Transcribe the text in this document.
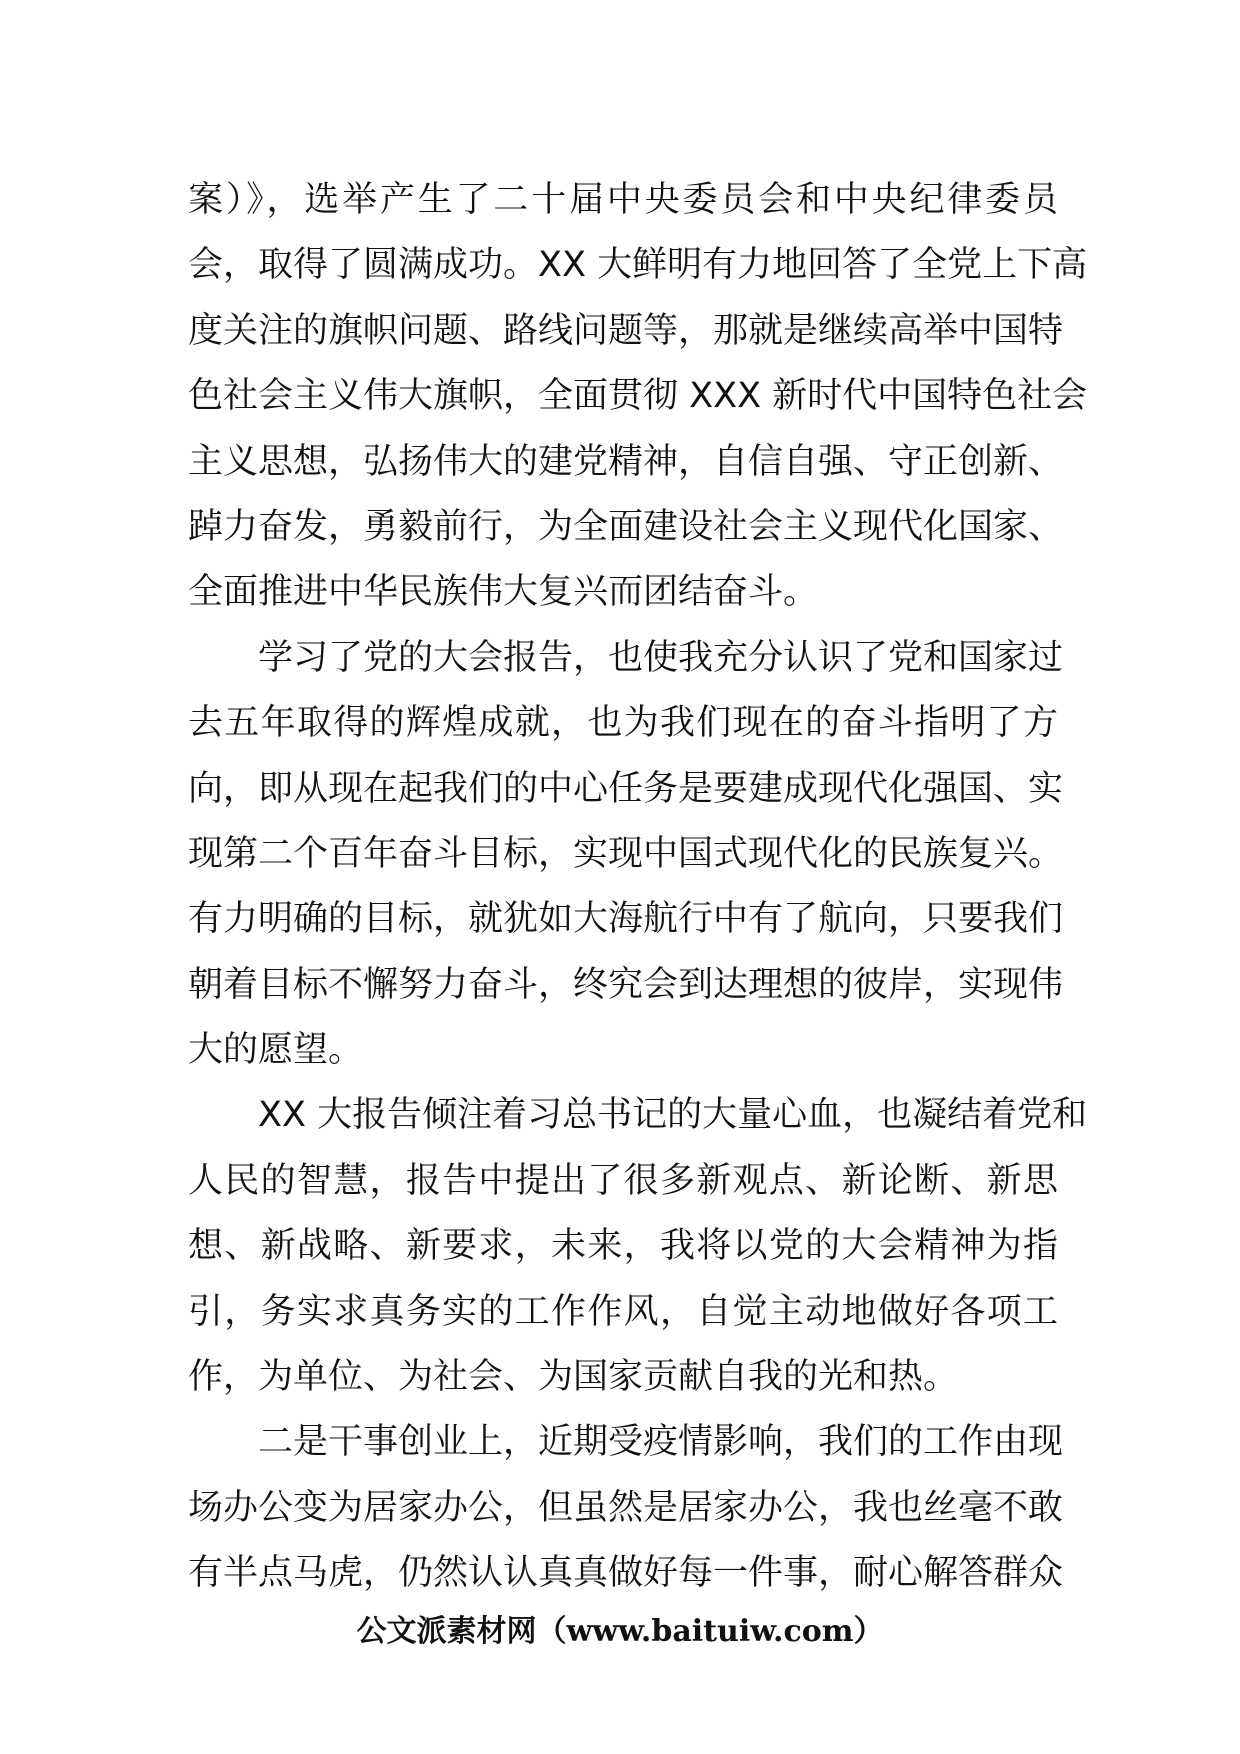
案）》，选举产生了二十届中央委员会和中央纪律委员
会，取得了圆满成功。XX 大鲜明有力地回答了全党上下高
度关注的旗帜问题、路线问题等，那就是继续高举中国特
色社会主义伟大旗帜，全面贯彻 XXX 新时代中国特色社会
主义思想，弘扬伟大的建党精神，自信自强、守正创新、
踔力奋发，勇毅前行，为全面建设社会主义现代化国家、
全面推进中华民族伟大复兴而团结奋斗。
学习了党的大会报告，也使我充分认识了党和国家过
去五年取得的辉煌成就，也为我们现在的奋斗指明了方
向，即从现在起我们的中心任务是要建成现代化强国、实
现第二个百年奋斗目标，实现中国式现代化的民族复兴。
有力明确的目标，就犹如大海航行中有了航向，只要我们
朝着目标不懈努力奋斗，终究会到达理想的彼岸，实现伟
大的愿望。
XX 大报告倾注着习总书记的大量心血，也凝结着党和
人民的智慧，报告中提出了很多新观点、新论断、新思
想、新战略、新要求，未来，我将以党的大会精神为指
引，务实求真务实的工作作风，自觉主动地做好各项工
作，为单位、为社会、为国家贡献自我的光和热。
二是干事创业上，近期受疫情影响，我们的工作由现
场办公变为居家办公，但虽然是居家办公，我也丝毫不敢
有半点马虎，仍然认认真真做好每一件事，耐心解答群众
公文派素材网（www.baituiw.com）
